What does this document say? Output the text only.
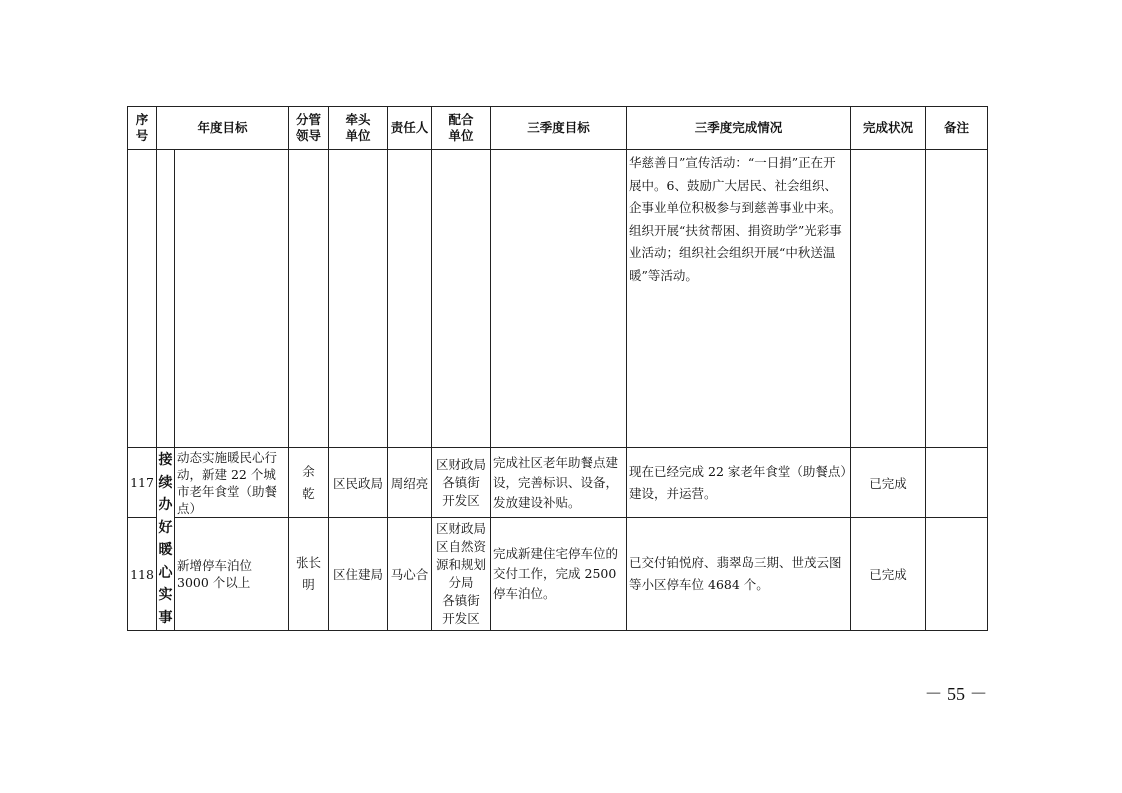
序号	年度目标		分管领导	牵头单位	责任人	配合单位	三季度目标	三季度完成情况	完成状况	备注
								华慈善日”宣传活动：“一日捐”正在开展中。6、鼓励广大居民、社会组织、企事业单位积极参与到慈善事业中来。组织开展“扶贫帮困、捐资助学”光彩事业活动；组织社会组织开展“中秋送温暖”等活动。		
117	接续办好暖心实事	动态实施暖民心行动，新建 22 个城市老年食堂（助餐点）	余乾	区民政局	周绍亮	区财政局
各镇街
开发区	完成社区老年助餐点建设，完善标识、设备，发放建设补贴。	现在已经完成 22 家老年食堂（助餐点）建设，并运营。	已完成	
118		新增停车泊位 3000 个以上	张长明	区住建局	马心合	区财政局
区自然资源和规划分局
各镇街
开发区	完成新建住宅停车位的交付工作，完成 2500 停车泊位。	已交付铂悦府、翡翠岛三期、世茂云图等小区停车位 4684 个。	已完成	
－ 55 －
